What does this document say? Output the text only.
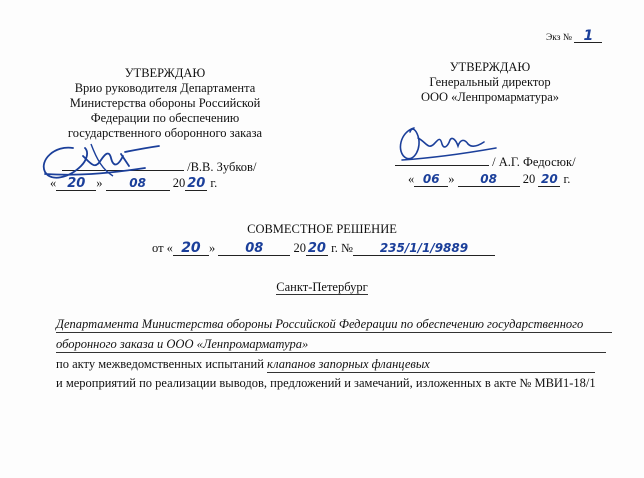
Экз № 1
УТВЕРЖДАЮ
Врио руководителя Департамента
Министерства обороны Российской
Федерации по обеспечению
государственного оборонного заказа
/В.В. Зубков/
« 20 » 08 20 20 г.
УТВЕРЖДАЮ
Генеральный директор
ООО «Ленпромарматура»
/ А.Г. Федосюк/
« 06 » 08 20 20 г.
СОВМЕСТНОЕ РЕШЕНИЕ
от « 20 » 08 20 20 г. № 235/1/1/9889
Санкт-Петербург
Департамента Министерства обороны Российской Федерации по обеспечению государственного
оборонного заказа и ООО «Ленпромарматура»
по акту межведомственных испытаний клапанов запорных фланцевых
и мероприятий по реализации выводов, предложений и замечаний, изложенных в акте № МВИ1-18/1
